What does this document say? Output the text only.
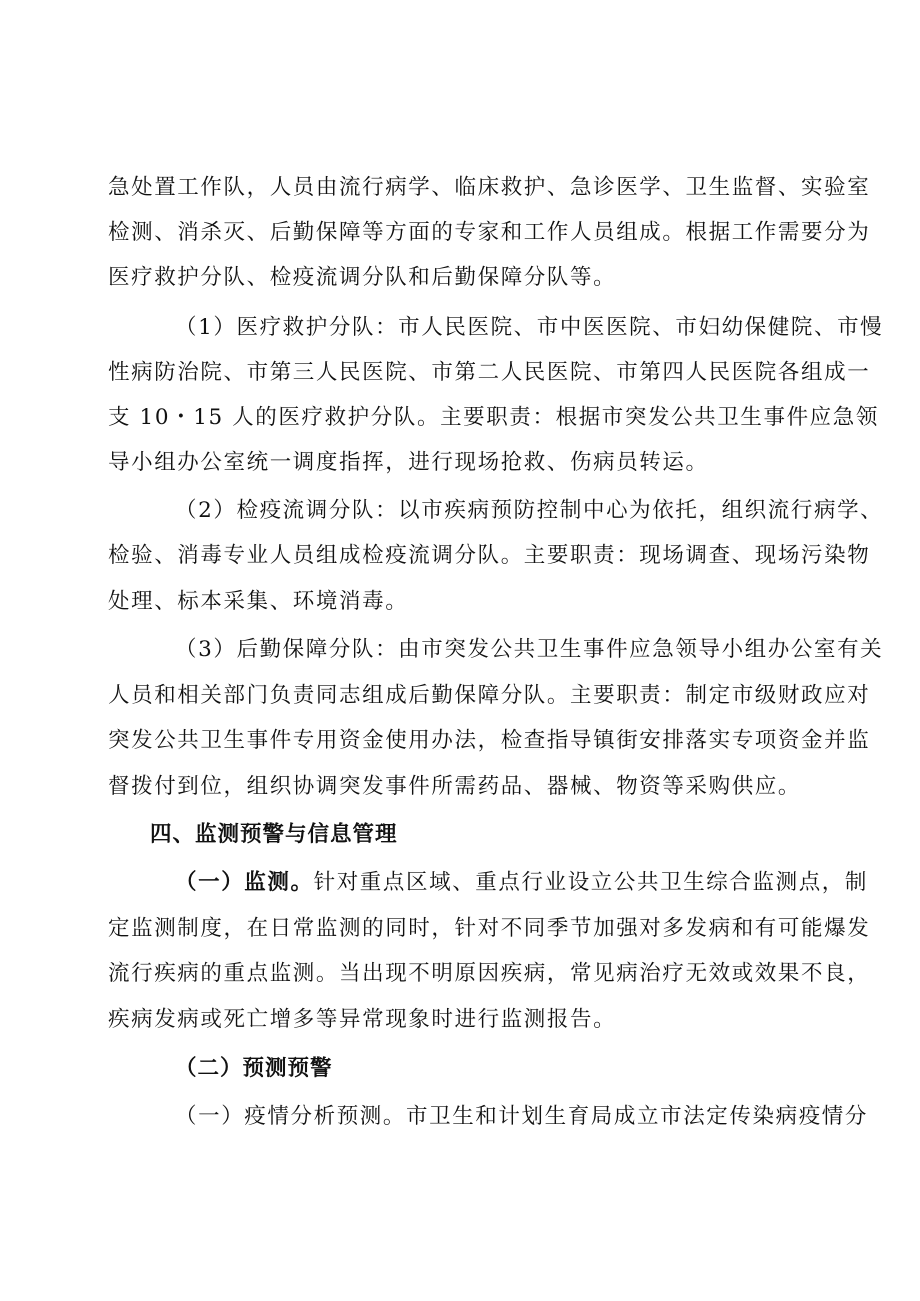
急处置工作队，人员由流行病学、临床救护、急诊医学、卫生监督、实验室
检测、消杀灭、后勤保障等方面的专家和工作人员组成。根据工作需要分为
医疗救护分队、检疫流调分队和后勤保障分队等。
（1）医疗救护分队：市人民医院、市中医医院、市妇幼保健院、市慢
性病防治院、市第三人民医院、市第二人民医院、市第四人民医院各组成一
支 10・15 人的医疗救护分队。主要职责：根据市突发公共卫生事件应急领
导小组办公室统一调度指挥，进行现场抢救、伤病员转运。
（2）检疫流调分队：以市疾病预防控制中心为依托，组织流行病学、
检验、消毒专业人员组成检疫流调分队。主要职责：现场调查、现场污染物
处理、标本采集、环境消毒。
（3）后勤保障分队：由市突发公共卫生事件应急领导小组办公室有关
人员和相关部门负责同志组成后勤保障分队。主要职责：制定市级财政应对
突发公共卫生事件专用资金使用办法，检查指导镇街安排落实专项资金并监
督拨付到位，组织协调突发事件所需药品、器械、物资等采购供应。
四、监测预警与信息管理
（一）监测。针对重点区域、重点行业设立公共卫生综合监测点，制
定监测制度，在日常监测的同时，针对不同季节加强对多发病和有可能爆发
流行疾病的重点监测。当出现不明原因疾病，常见病治疗无效或效果不良，
疾病发病或死亡增多等异常现象时进行监测报告。
（二）预测预警
（一）疫情分析预测。市卫生和计划生育局成立市法定传染病疫情分
